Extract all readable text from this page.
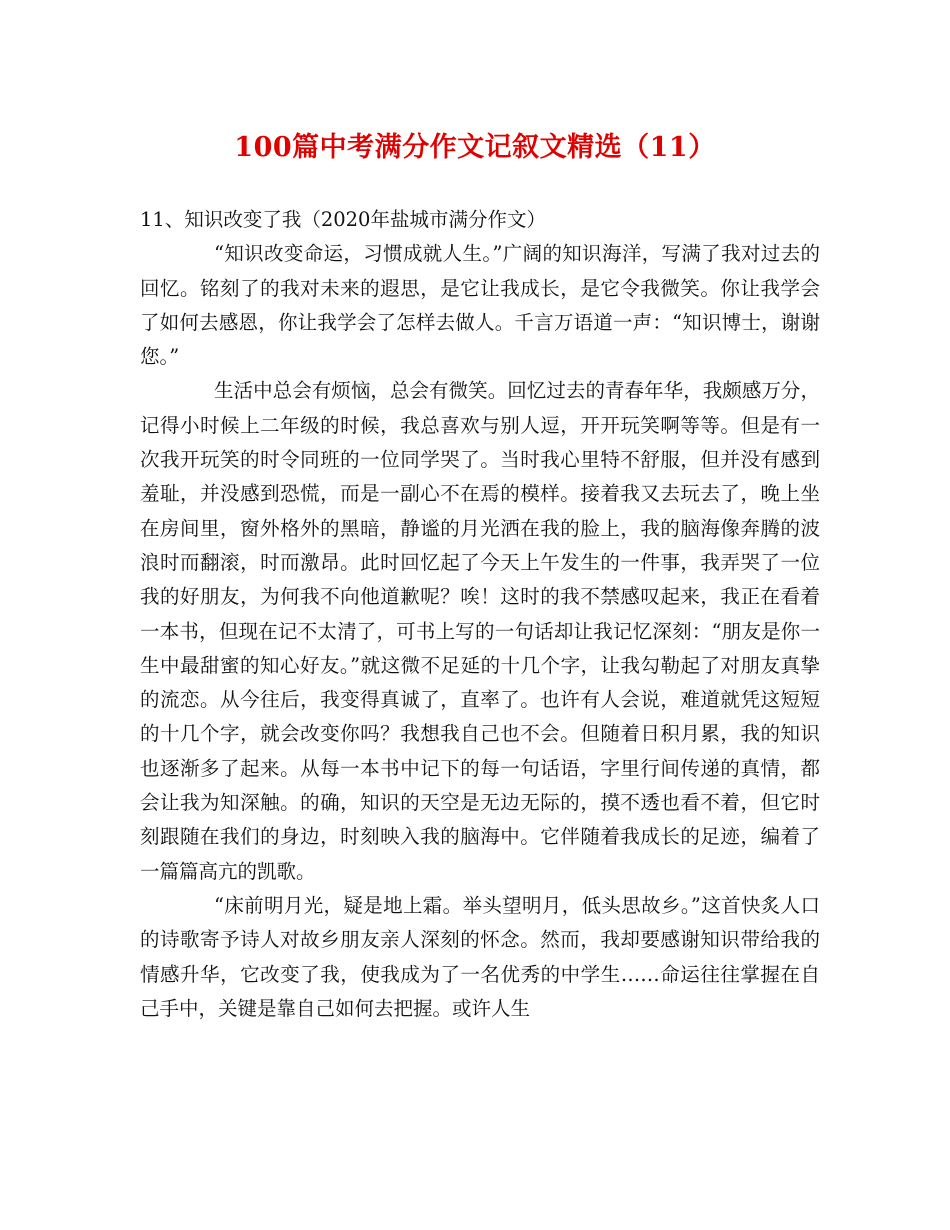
100篇中考满分作文记叙文精选（11）

11、知识改变了我（2020年盐城市满分作文）

“知识改变命运，习惯成就人生。”广阔的知识海洋，写满了我对过去的回忆。铭刻了的我对未来的遐思，是它让我成长，是它令我微笑。你让我学会了如何去感恩，你让我学会了怎样去做人。千言万语道一声：“知识博士，谢谢您。”

生活中总会有烦恼，总会有微笑。回忆过去的青春年华，我颇感万分，记得小时候上二年级的时候，我总喜欢与别人逗，开开玩笑啊等等。但是有一次我开玩笑的时令同班的一位同学哭了。当时我心里特不舒服，但并没有感到羞耻，并没感到恐慌，而是一副心不在焉的模样。接着我又去玩去了，晚上坐在房间里，窗外格外的黑暗，静谧的月光洒在我的脸上，我的脑海像奔腾的波浪时而翻滚，时而激昂。此时回忆起了今天上午发生的一件事，我弄哭了一位我的好朋友，为何我不向他道歉呢？唉！这时的我不禁感叹起来，我正在看着一本书，但现在记不太清了，可书上写的一句话却让我记忆深刻：“朋友是你一生中最甜蜜的知心好友。”就这微不足延的十几个字，让我勾勒起了对朋友真挚的流恋。从今往后，我变得真诚了，直率了。也许有人会说，难道就凭这短短的十几个字，就会改变你吗？我想我自己也不会。但随着日积月累，我的知识也逐渐多了起来。从每一本书中记下的每一句话语，字里行间传递的真情，都会让我为知深触。的确，知识的天空是无边无际的，摸不透也看不着，但它时刻跟随在我们的身边，时刻映入我的脑海中。它伴随着我成长的足迹，编着了一篇篇高亢的凯歌。

“床前明月光，疑是地上霜。举头望明月，低头思故乡。”这首快炙人口的诗歌寄予诗人对故乡朋友亲人深刻的怀念。然而，我却要感谢知识带给我的情感升华，它改变了我，使我成为了一名优秀的中学生……命运往往掌握在自己手中，关键是靠自己如何去把握。或许人生
